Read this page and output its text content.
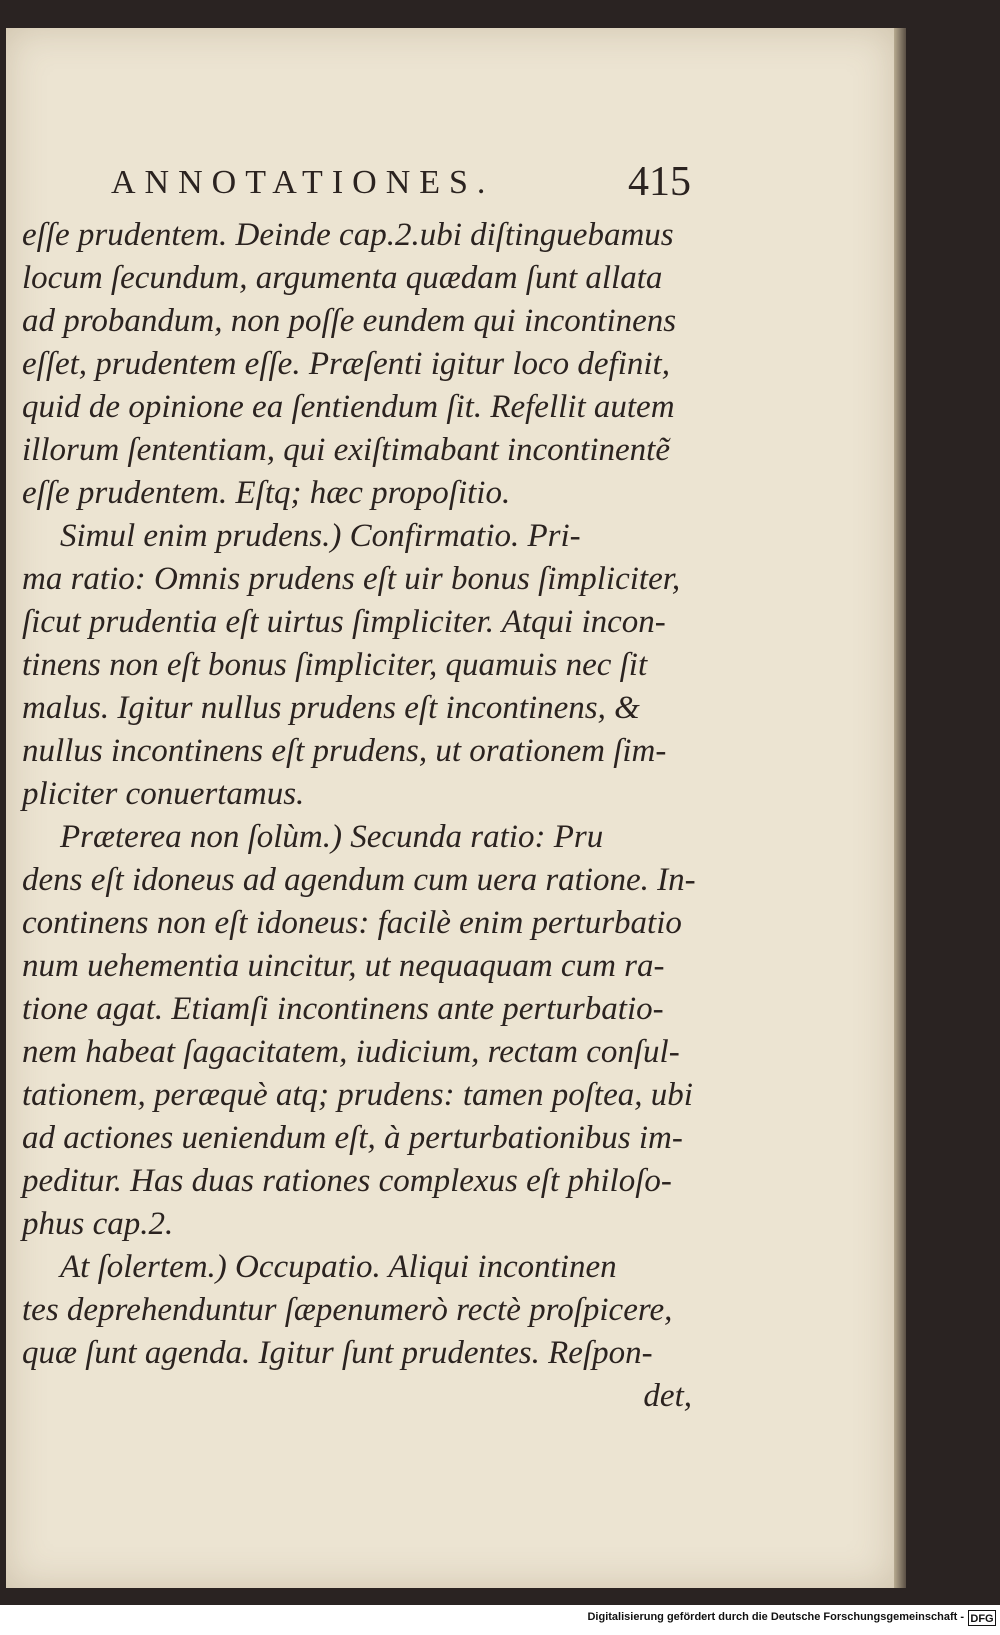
ANNOTATIONES.	415
eſſe prudentem. Deinde cap.2.ubi diſtinguebamus
locum ſecundum, argumenta quædam ſunt allata
ad probandum, non poſſe eundem qui incontinens
eſſet, prudentem eſſe. Præſenti igitur loco definit,
quid de opinione ea ſentiendum ſit. Refellit autem
illorum ſententiam, qui exiſtimabant incontinentẽ
eſſe prudentem. Eſtq; hæc propoſitio.
Simul enim prudens.) Confirmatio. Pri-
ma ratio: Omnis prudens eſt uir bonus ſimpliciter,
ſicut prudentia eſt uirtus ſimpliciter. Atqui incon-
tinens non eſt bonus ſimpliciter, quamuis nec ſit
malus. Igitur nullus prudens eſt incontinens, &
nullus incontinens eſt prudens, ut orationem ſim-
pliciter conuertamus.
Præterea non ſolùm.) Secunda ratio: Pru
dens eſt idoneus ad agendum cum uera ratione. In-
continens non eſt idoneus: facilè enim perturbatio
num uehementia uincitur, ut nequaquam cum ra-
tione agat. Etiamſi incontinens ante perturbatio-
nem habeat ſagacitatem, iudicium, rectam conſul-
tationem, peræquè atq; prudens: tamen poſtea, ubi
ad actiones ueniendum eſt, à perturbationibus im-
peditur. Has duas rationes complexus eſt philoſo-
phus cap.2.
At ſolertem.) Occupatio. Aliqui incontinen
tes deprehenduntur ſæpenumerò rectè proſpicere,
quæ ſunt agenda. Igitur ſunt prudentes. Reſpon-
det,
Digitalisierung gefördert durch die Deutsche Forschungsgemeinschaft - DFG
